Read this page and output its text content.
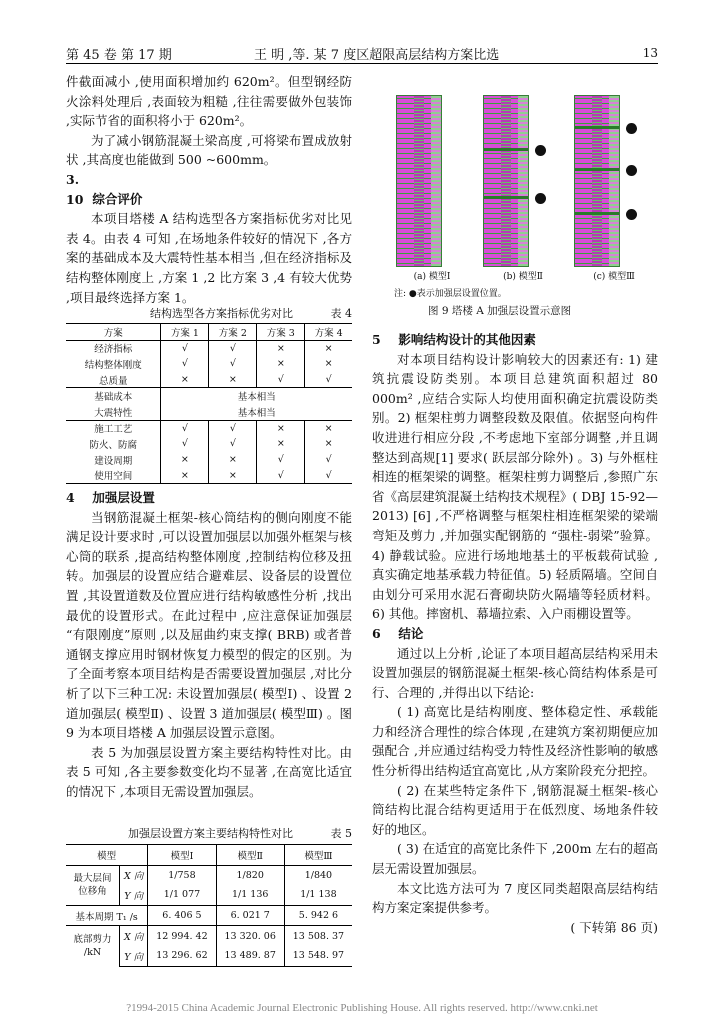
第 45 卷 第 17 期	王 明 ,等. 某 7 度区超限高层结构方案比选	13

件截面减小 ,使用面积增加约 620m²。但型钢经防火涂料处理后 ,表面较为粗糙 ,往往需要做外包装饰 ,实际节省的面积将小于 620m²。

为了减小钢筋混凝土梁高度 ,可将梁布置成放射状 ,其高度也能做到 500 ~600mm。

3. 10 综合评价

本项目塔楼 A 结构选型各方案指标优劣对比见表 4。由表 4 可知 ,在场地条件较好的情况下 ,各方案的基础成本及大震特性基本相当 ,但在经济指标及结构整体刚度上 ,方案 1 ,2 比方案 3 ,4 有较大优势 ,项目最终选择方案 1。

结构选型各方案指标优劣对比	表 4
方案	方案 1	方案 2	方案 3	方案 4
经济指标	√	√	×	×
结构整体刚度	√	√	×	×
总质量	×	×	√	√
基础成本	基本相当			
大震特性	基本相当			
施工工艺	√	√	×	×
防火、防腐	√	√	×	×
建设周期	×	×	√	√
使用空间	×	×	√	√
4 加强层设置

当钢筋混凝土框架-核心筒结构的侧向刚度不能满足设计要求时 ,可以设置加强层以加强外框架与核心筒的联系 ,提高结构整体刚度 ,控制结构位移及扭转。加强层的设置应结合避难层、设备层的设置位置 ,其设置道数及位置应进行结构敏感性分析 ,找出最优的设置形式。在此过程中 ,应注意保证加强层 “有限刚度”原则 ,以及屈曲约束支撑( BRB) 或者普通钢支撑应用时钢材恢复力模型的假定的区别。为了全面考察本项目结构是否需要设置加强层 ,对比分析了以下三种工况: 未设置加强层( 模型Ⅰ) 、设置 2 道加强层( 模型Ⅱ) 、设置 3 道加强层( 模型Ⅲ) 。图 9 为本项目塔楼 A 加强层设置示意图。

表 5 为加强层设置方案主要结构特性对比。由表 5 可知 ,各主要参数变化均不显著 ,在高宽比适宜的情况下 ,本项目无需设置加强层。

加强层设置方案主要结构特性对比	表 5
模型		模型Ⅰ	模型Ⅱ	模型Ⅲ
最大层间
位移角	X 向	1/758	1/820	1/840
	Y 向	1/1 077	1/1 136	1/1 138
基本周期 T₁ /s		6. 406 5	6. 021 7	5. 942 6
底部剪力
/kN	X 向	12 994. 42	13 320. 06	13 508. 37
	Y 向	13 296. 62	13 489. 87	13 548. 97
(a) 模型Ⅰ	(b) 模型Ⅱ	(c) 模型Ⅲ
注: ●表示加强层设置位置。
图 9 塔楼 A 加强层设置示意图
5 影响结构设计的其他因素

对本项目结构设计影响较大的因素还有: 1) 建筑抗震设防类别。本项目总建筑面积超过 80 000m² ,应结合实际人均使用面积确定抗震设防类别。2) 框架柱剪力调整段数及限值。依据竖向构件收进进行相应分段 ,不考虑地下室部分调整 ,并且调整达到高规[1] 要求( 跃层部分除外) 。3) 与外框柱相连的框架梁的调整。框架柱剪力调整后 ,参照广东省《高层建筑混凝土结构技术规程》( DBJ 15-92—2013) [6] ,不严格调整与框架柱相连框架梁的梁端弯矩及剪力 ,并加强实配钢筋的 “强柱-弱梁”验算。4) 静载试验。应进行场地地基土的平板载荷试验 ,真实确定地基承载力特征值。5) 轻质隔墙。空间自由划分可采用水泥石膏砌块防火隔墙等轻质材料。6) 其他。摔窗机、幕墙拉索、入户雨棚设置等。

6 结论

通过以上分析 ,论证了本项目超高层结构采用未设置加强层的钢筋混凝土框架-核心筒结构体系是可行、合理的 ,并得出以下结论:

( 1) 高宽比是结构刚度、整体稳定性、承载能力和经济合理性的综合体现 ,在建筑方案初期便应加强配合 ,并应通过结构受力特性及经济性影响的敏感性分析得出结构适宜高宽比 ,从方案阶段充分把控。

( 2) 在某些特定条件下 ,钢筋混凝土框架-核心筒结构比混合结构更适用于在低烈度、场地条件较好的地区。

( 3) 在适宜的高宽比条件下 ,200m 左右的超高层无需设置加强层。

本文比选方法可为 7 度区同类超限高层结构结构方案定案提供参考。

( 下转第 86 页)
?1994-2015 China Academic Journal Electronic Publishing House. All rights reserved. http://www.cnki.net
